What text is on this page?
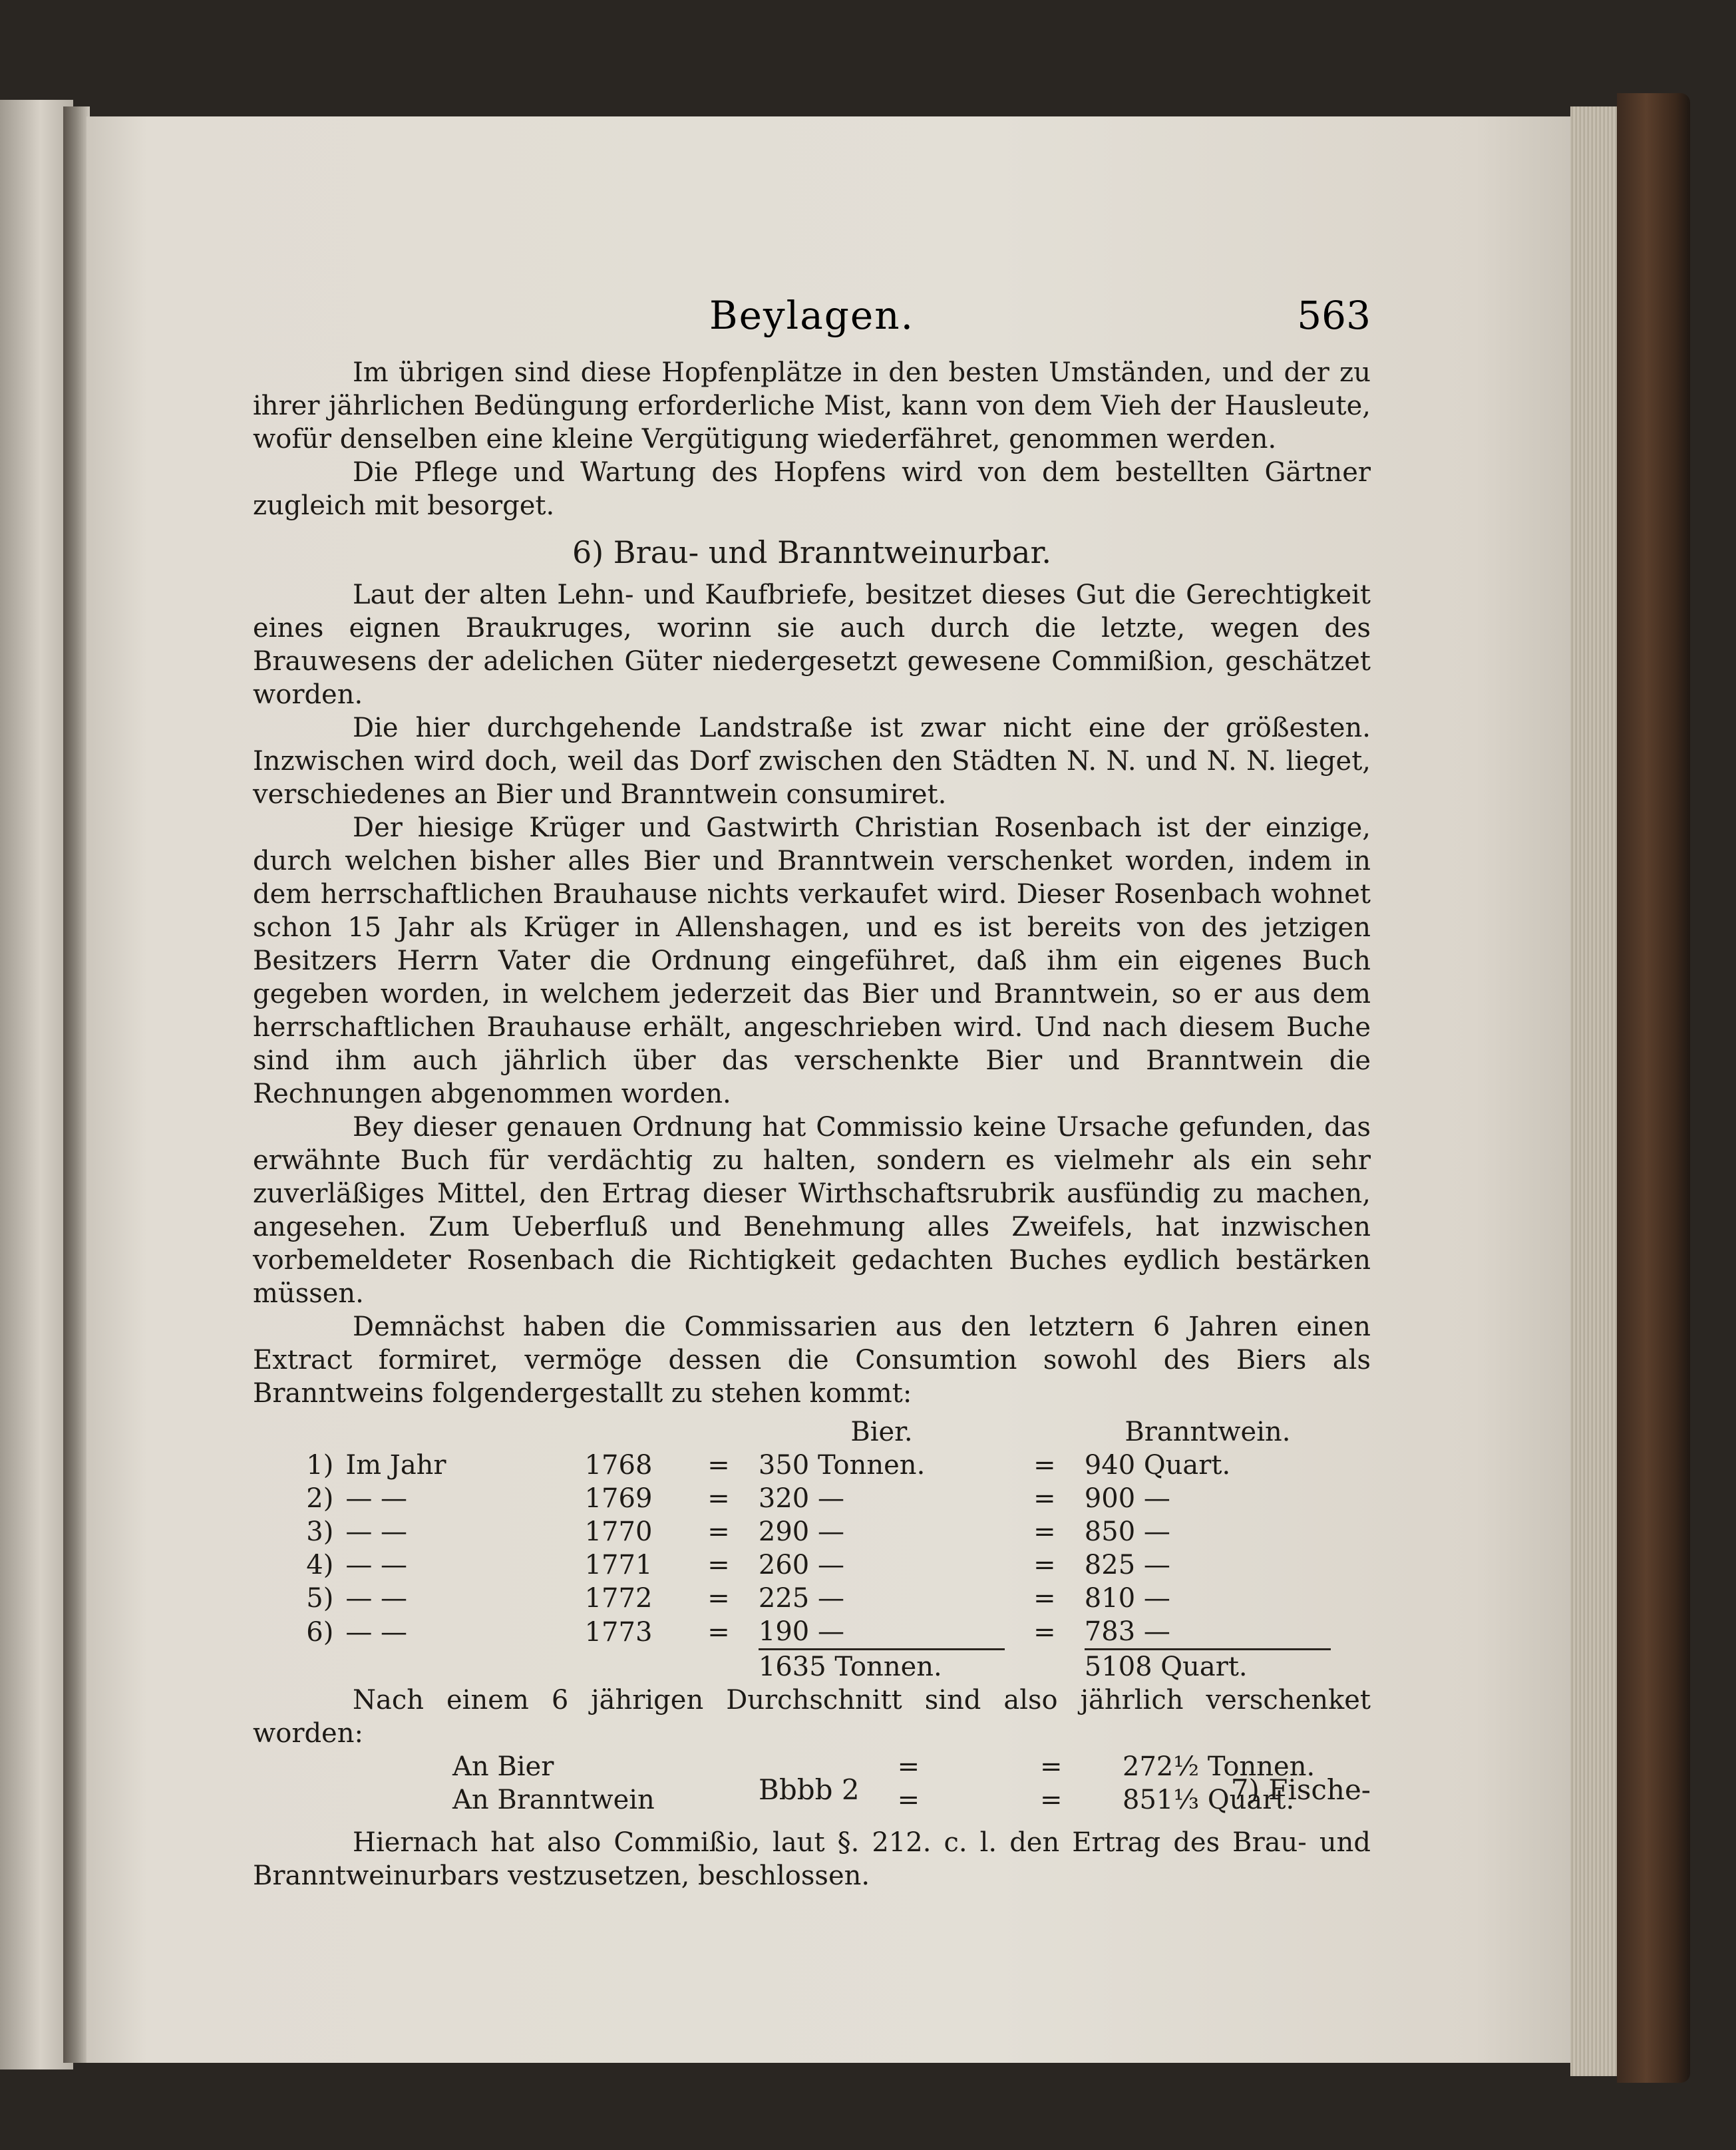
Beylagen.	563

Im übrigen sind diese Hopfenplätze in den besten Umständen, und der zu ihrer jährlichen Bedüngung erforderliche Mist, kann von dem Vieh der Hausleute, wofür denselben eine kleine Vergütigung wiederfähret, genommen werden.

Die Pflege und Wartung des Hopfens wird von dem bestellten Gärtner zugleich mit besorget.

6) Brau- und Branntweinurbar.

Laut der alten Lehn- und Kaufbriefe, besitzet dieses Gut die Gerechtigkeit eines eignen Braukruges, worinn sie auch durch die letzte, wegen des Brauwesens der adelichen Güter niedergesetzt gewesene Commißion, geschätzet worden.

Die hier durchgehende Landstraße ist zwar nicht eine der größesten. Inzwischen wird doch, weil das Dorf zwischen den Städten N. N. und N. N. lieget, verschiedenes an Bier und Branntwein consumiret.

Der hiesige Krüger und Gastwirth Christian Rosenbach ist der einzige, durch welchen bisher alles Bier und Branntwein verschenket worden, indem in dem herrschaftlichen Brauhause nichts verkaufet wird. Dieser Rosenbach wohnet schon 15 Jahr als Krüger in Allenshagen, und es ist bereits von des jetzigen Besitzers Herrn Vater die Ordnung eingeführet, daß ihm ein eigenes Buch gegeben worden, in welchem jederzeit das Bier und Branntwein, so er aus dem herrschaftlichen Brauhause erhält, angeschrieben wird. Und nach diesem Buche sind ihm auch jährlich über das verschenkte Bier und Branntwein die Rechnungen abgenommen worden.

Bey dieser genauen Ordnung hat Commissio keine Ursache gefunden, das erwähnte Buch für verdächtig zu halten, sondern es vielmehr als ein sehr zuverläßiges Mittel, den Ertrag dieser Wirthschaftsrubrik ausfündig zu machen, angesehen. Zum Ueberfluß und Benehmung alles Zweifels, hat inzwischen vorbemeldeter Rosenbach die Richtigkeit gedachten Buches eydlich bestärken müssen.

Demnächst haben die Commissarien aus den letztern 6 Jahren einen Extract formiret, vermöge dessen die Consumtion sowohl des Biers als Branntweins folgendergestallt zu stehen kommt:

				Bier.		Branntwein.
1)	Im Jahr	1768	=	350 Tonnen.	=	940 Quart.
2)	— —	1769	=	320 —	=	900 —
3)	— —	1770	=	290 —	=	850 —
4)	— —	1771	=	260 —	=	825 —
5)	— —	1772	=	225 —	=	810 —
6)	— —	1773	=	190 —	=	783 —
				1635 Tonnen.		5108 Quart.

Nach einem 6 jährigen Durchschnitt sind also jährlich verschenket worden:

An Bier	=	=	272½ Tonnen.
An Branntwein	=	=	851⅓ Quart.

Hiernach hat also Commißio, laut §. 212. c. l. den Ertrag des Brau- und Branntweinurbars vestzusetzen, beschlossen.

Bbbb 2	7) Fische-
